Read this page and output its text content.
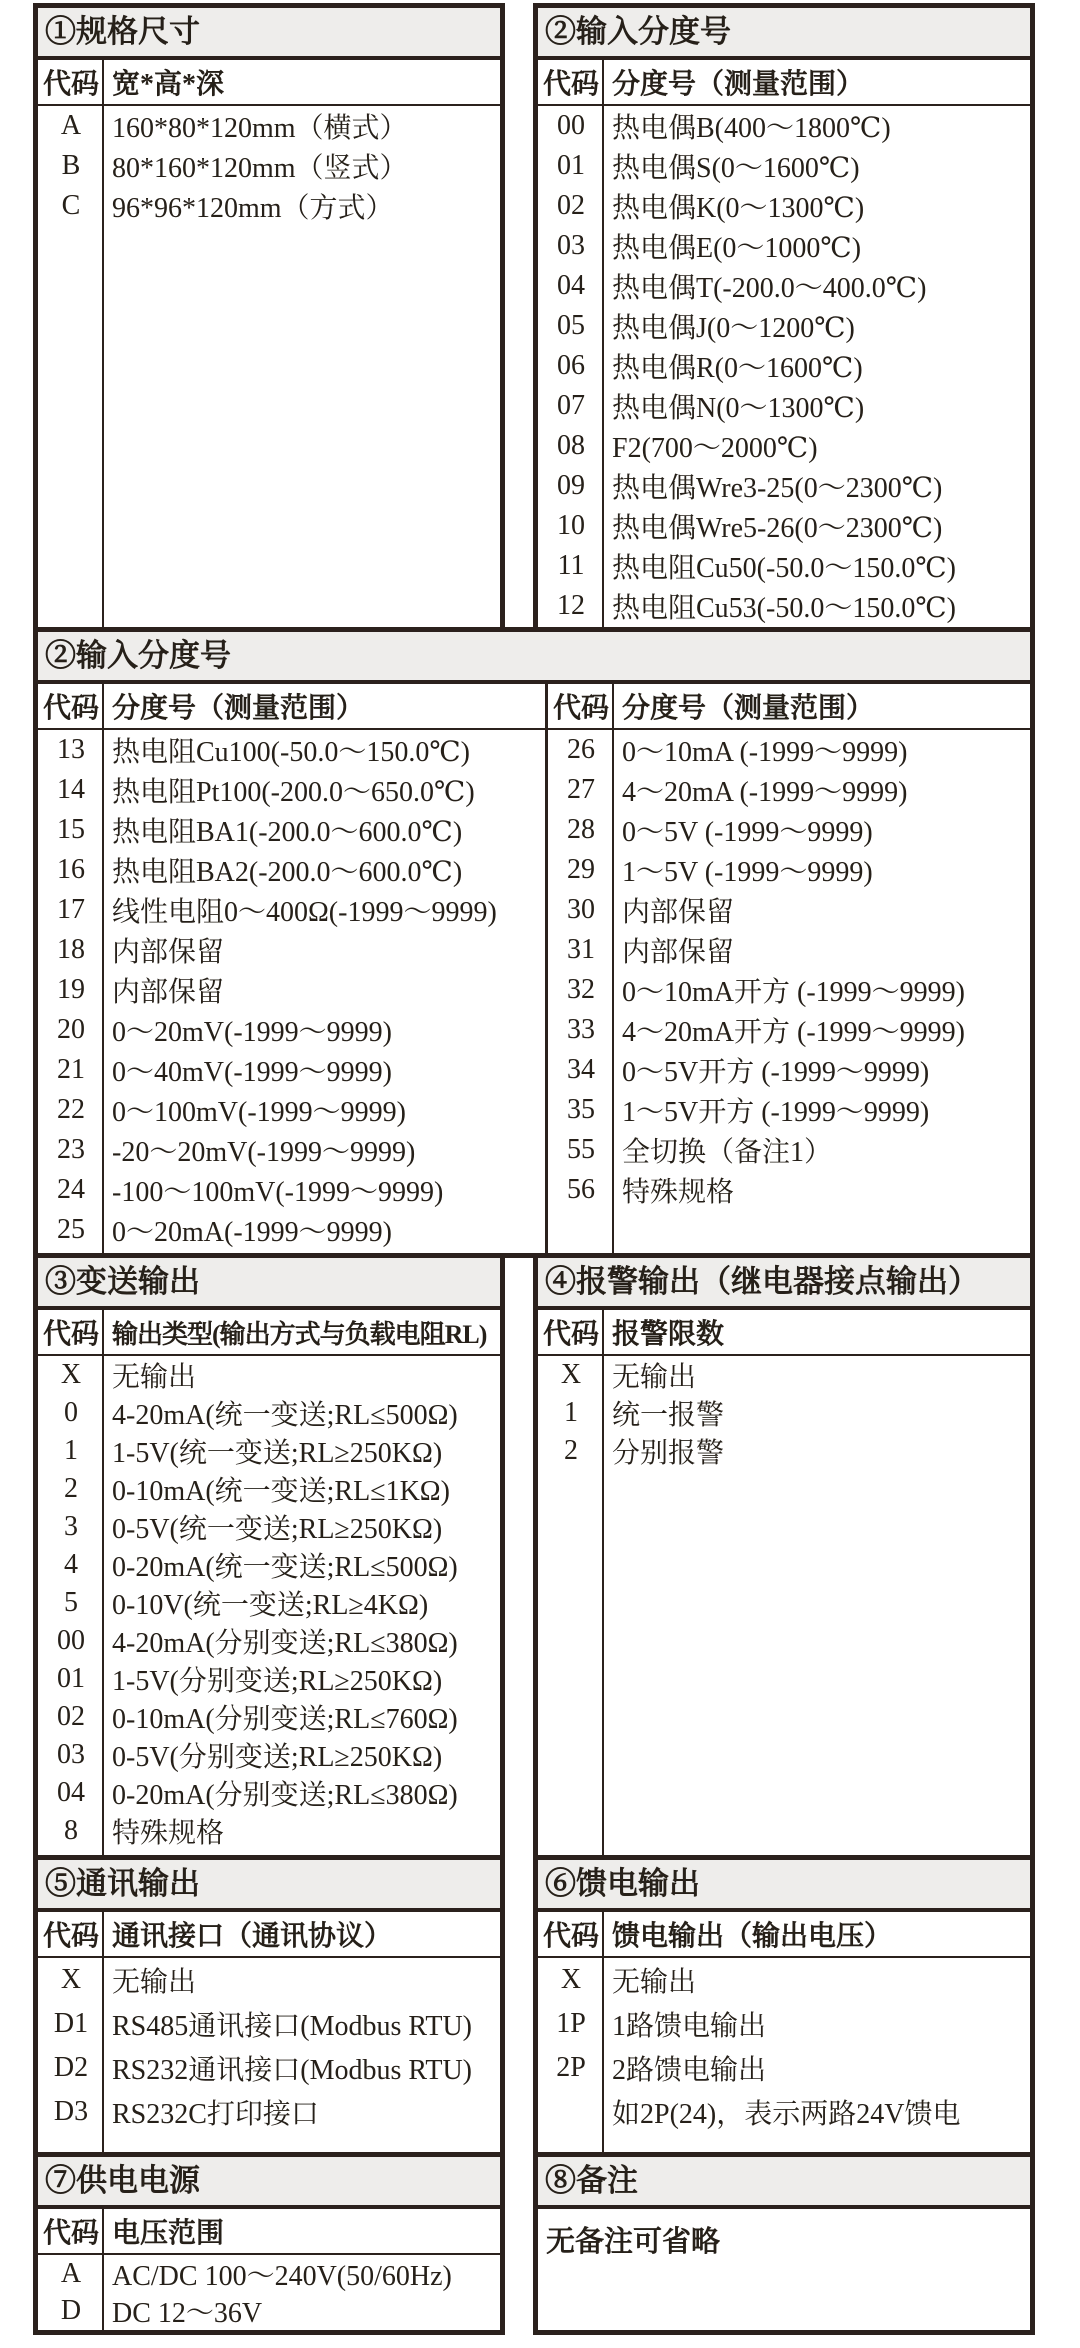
①规格尺寸
代码 宽*高*深
A	160*80*120mm（横式）
B	80*160*120mm（竖式）
C	96*96*120mm（方式）
②输入分度号
代码 分度号（测量范围）
00 热电偶B(400～1800℃)
01 热电偶S(0～1600℃)
02 热电偶K(0～1300℃)
03 热电偶E(0～1000℃)
04 热电偶T(-200.0～400.0℃)
05 热电偶J(0～1200℃)
06 热电偶R(0～1600℃)
07 热电偶N(0～1300℃)
08 F2(700～2000℃)
09 热电偶Wre3-25(0～2300℃)
10 热电偶Wre5-26(0～2300℃)
11 热电阻Cu50(-50.0～150.0℃)
12 热电阻Cu53(-50.0～150.0℃)
②输入分度号
代码 分度号（测量范围）
13 热电阻Cu100(-50.0～150.0℃)
14 热电阻Pt100(-200.0～650.0℃)
15 热电阻BA1(-200.0～600.0℃)
16 热电阻BA2(-200.0～600.0℃)
17 线性电阻0～400Ω(-1999～9999)
18 内部保留
19 内部保留
20 0～20mV(-1999～9999)
21 0～40mV(-1999～9999)
22 0～100mV(-1999～9999)
23 -20～20mV(-1999～9999)
24 -100～100mV(-1999～9999)
25 0～20mA(-1999～9999)
代码 分度号（测量范围）
26 0～10mA (-1999～9999)
27 4～20mA (-1999～9999)
28 0～5V (-1999～9999)
29 1～5V (-1999～9999)
30 内部保留
31 内部保留
32 0～10mA开方 (-1999～9999)
33 4～20mA开方 (-1999～9999)
34 0～5V开方 (-1999～9999)
35 1～5V开方 (-1999～9999)
55 全切换（备注1）
56 特殊规格
③变送输出
代码 输出类型(输出方式与负载电阻RL)
X	无输出
0	4-20mA(统一变送;RL≤500Ω)
1	1-5V(统一变送;RL≥250KΩ)
2	0-10mA(统一变送;RL≤1KΩ)
3	0-5V(统一变送;RL≥250KΩ)
4	0-20mA(统一变送;RL≤500Ω)
5	0-10V(统一变送;RL≥4KΩ)
00 4-20mA(分别变送;RL≤380Ω)
01 1-5V(分别变送;RL≥250KΩ)
02 0-10mA(分别变送;RL≤760Ω)
03 0-5V(分别变送;RL≥250KΩ)
04 0-20mA(分别变送;RL≤380Ω)
8	特殊规格
④报警输出（继电器接点输出）
代码 报警限数
X	无输出
1	统一报警
2	分别报警
⑤通讯输出
代码 通讯接口（通讯协议）
X	无输出
D1 RS485通讯接口(Modbus RTU)
D2 RS232通讯接口(Modbus RTU)
D3 RS232C打印接口
⑥馈电输出
代码 馈电输出（输出电压）
X	无输出
1P 1路馈电输出
2P 2路馈电输出
如2P(24)，表示两路24V馈电
⑦供电电源
代码 电压范围
A	AC/DC 100～240V(50/60Hz)
D	DC 12～36V
⑧备注
无备注可省略
